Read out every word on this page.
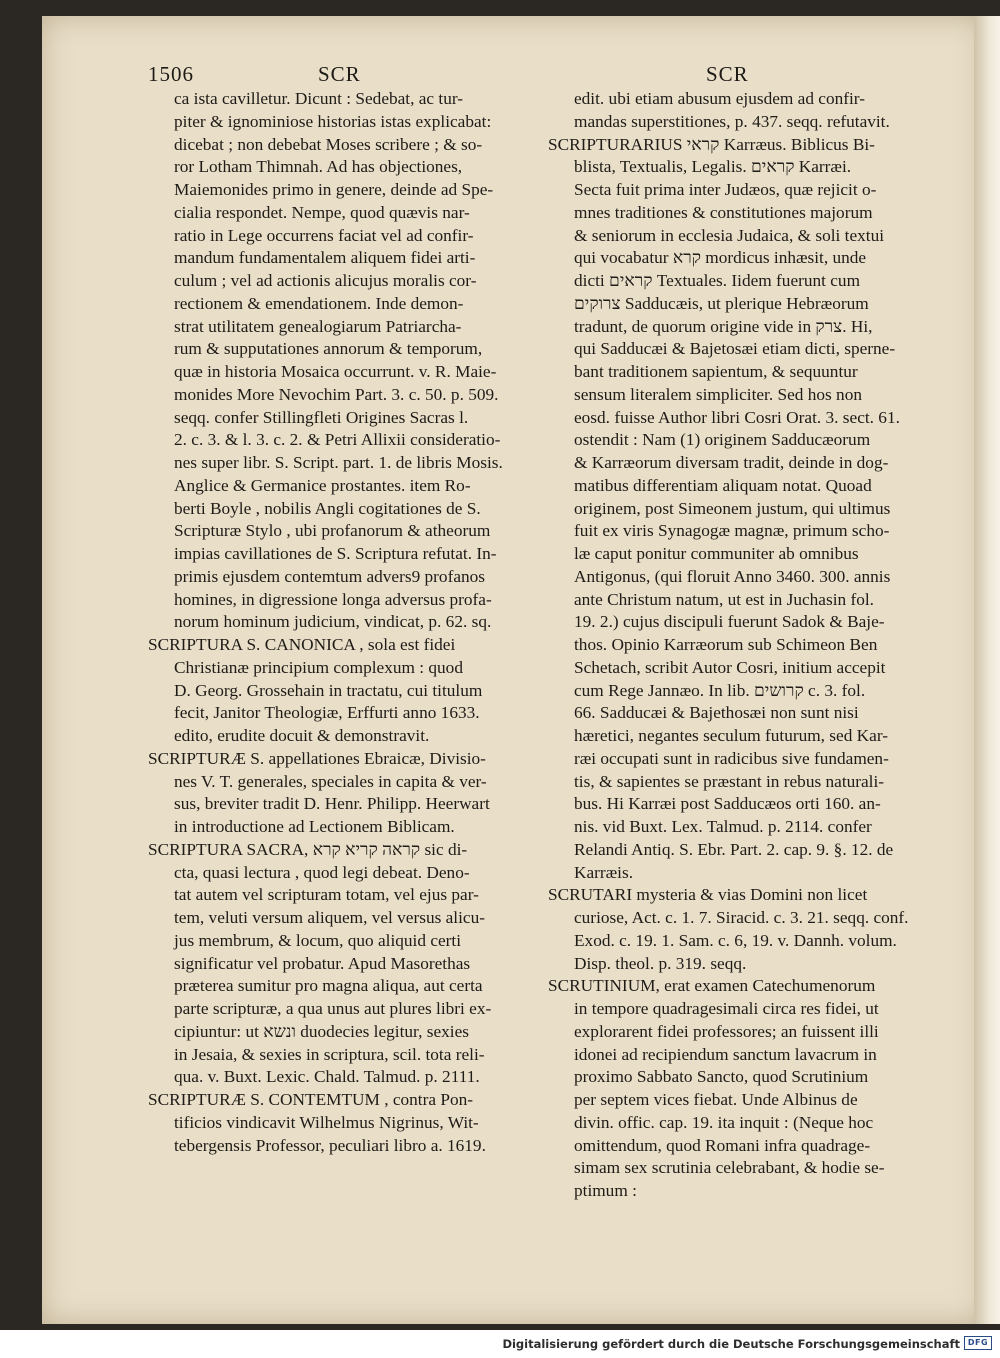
1506	SCR	SCR
ca ista cavilletur. Dicunt : Sedebat, ac tur-
piter & ignominiose historias istas explicabat:
dicebat ; non debebat Moses scribere ; & so-
ror Lotham Thimnah. Ad has objectiones,
Maiemonides primo in genere, deinde ad Spe-
cialia respondet. Nempe, quod quævis nar-
ratio in Lege occurrens faciat vel ad confir-
mandum fundamentalem aliquem fidei arti-
culum ; vel ad actionis alicujus moralis cor-
rectionem & emendationem. Inde demon-
strat utilitatem genealogiarum Patriarcha-
rum & supputationes annorum & temporum,
quæ in historia Mosaica occurrunt. v. R. Maie-
monides More Nevochim Part. 3. c. 50. p. 509.
seqq. confer Stillingfleti Origines Sacras l.
2. c. 3. & l. 3. c. 2. & Petri Allixii consideratio-
nes super libr. S. Script. part. 1. de libris Mosis.
Anglice & Germanice prostantes. item Ro-
berti Boyle , nobilis Angli cogitationes de S.
Scripturæ Stylo , ubi profanorum & atheorum
impias cavillationes de S. Scriptura refutat. In-
primis ejusdem contemtum advers9 profanos
homines, in digressione longa adversus profa-
norum hominum judicium, vindicat, p. 62. sq.
SCRIPTURA S. CANONICA , sola est fidei
Christianæ principium complexum : quod
D. Georg. Grossehain in tractatu, cui titulum
fecit, Janitor Theologiæ, Erffurti anno 1633.
edito, erudite docuit & demonstravit.
SCRIPTURÆ S. appellationes Ebraicæ, Divisio-
nes V. T. generales, speciales in capita & ver-
sus, breviter tradit D. Henr. Philipp. Heerwart
in introductione ad Lectionem Biblicam.
SCRIPTURA SACRA, קראה קריא קרא sic di-
cta, quasi lectura , quod legi debeat. Deno-
tat autem vel scripturam totam, vel ejus par-
tem, veluti versum aliquem, vel versus alicu-
jus membrum, & locum, quo aliquid certi
significatur vel probatur. Apud Masorethas
præterea sumitur pro magna aliqua, aut certa
parte scripturæ, a qua unus aut plures libri ex-
cipiuntur: ut ונשא duodecies legitur, sexies
in Jesaia, & sexies in scriptura, scil. tota reli-
qua. v. Buxt. Lexic. Chald. Talmud. p. 2111.
SCRIPTURÆ S. CONTEMTUM , contra Pon-
tificios vindicavit Wilhelmus Nigrinus, Wit-
tebergensis Professor, peculiari libro a. 1619.
edit. ubi etiam abusum ejusdem ad confir-
mandas superstitiones, p. 437. seqq. refutavit.
SCRIPTURARIUS קראי Karræus. Biblicus Bi-
blista, Textualis, Legalis. קראים Karræi.
Secta fuit prima inter Judæos, quæ rejicit o-
mnes traditiones & constitutiones majorum
& seniorum in ecclesia Judaica, & soli textui
qui vocabatur קרא mordicus inhæsit, unde
dicti קראים Textuales. Iidem fuerunt cum
צרוקים Sadducæis, ut plerique Hebræorum
tradunt, de quorum origine vide in צרק. Hi,
qui Sadducæi & Bajetosæi etiam dicti, sperne-
bant traditionem sapientum, & sequuntur
sensum literalem simpliciter. Sed hos non
eosd. fuisse Author libri Cosri Orat. 3. sect. 61.
ostendit : Nam (1) originem Sadducæorum
& Karræorum diversam tradit, deinde in dog-
matibus differentiam aliquam notat. Quoad
originem, post Simeonem justum, qui ultimus
fuit ex viris Synagogæ magnæ, primum scho-
læ caput ponitur communiter ab omnibus
Antigonus, (qui floruit Anno 3460. 300. annis
ante Christum natum, ut est in Juchasin fol.
19. 2.) cujus discipuli fuerunt Sadok & Baje-
thos. Opinio Karræorum sub Schimeon Ben
Schetach, scribit Autor Cosri, initium accepit
cum Rege Jannæo. In lib. קרושים c. 3. fol.
66. Sadducæi & Bajethosæi non sunt nisi
hæretici, negantes seculum futurum, sed Kar-
ræi occupati sunt in radicibus sive fundamen-
tis, & sapientes se præstant in rebus naturali-
bus. Hi Karræi post Sadducæos orti 160. an-
nis. vid Buxt. Lex. Talmud. p. 2114. confer
Relandi Antiq. S. Ebr. Part. 2. cap. 9. §. 12. de
Karræis.
SCRUTARI mysteria & vias Domini non licet
curiose, Act. c. 1. 7. Siracid. c. 3. 21. seqq. conf.
Exod. c. 19. 1. Sam. c. 6, 19. v. Dannh. volum.
Disp. theol. p. 319. seqq.
SCRUTINIUM, erat examen Catechumenorum
in tempore quadragesimali circa res fidei, ut
explorarent fidei professores; an fuissent illi
idonei ad recipiendum sanctum lavacrum in
proximo Sabbato Sancto, quod Scrutinium
per septem vices fiebat. Unde Albinus de
divin. offic. cap. 19. ita inquit : (Neque hoc
omittendum, quod Romani infra quadrage-
simam sex scrutinia celebrabant, & hodie se-
ptimum :
Digitalisierung gefördert durch die Deutsche Forschungsgemeinschaft DFG
